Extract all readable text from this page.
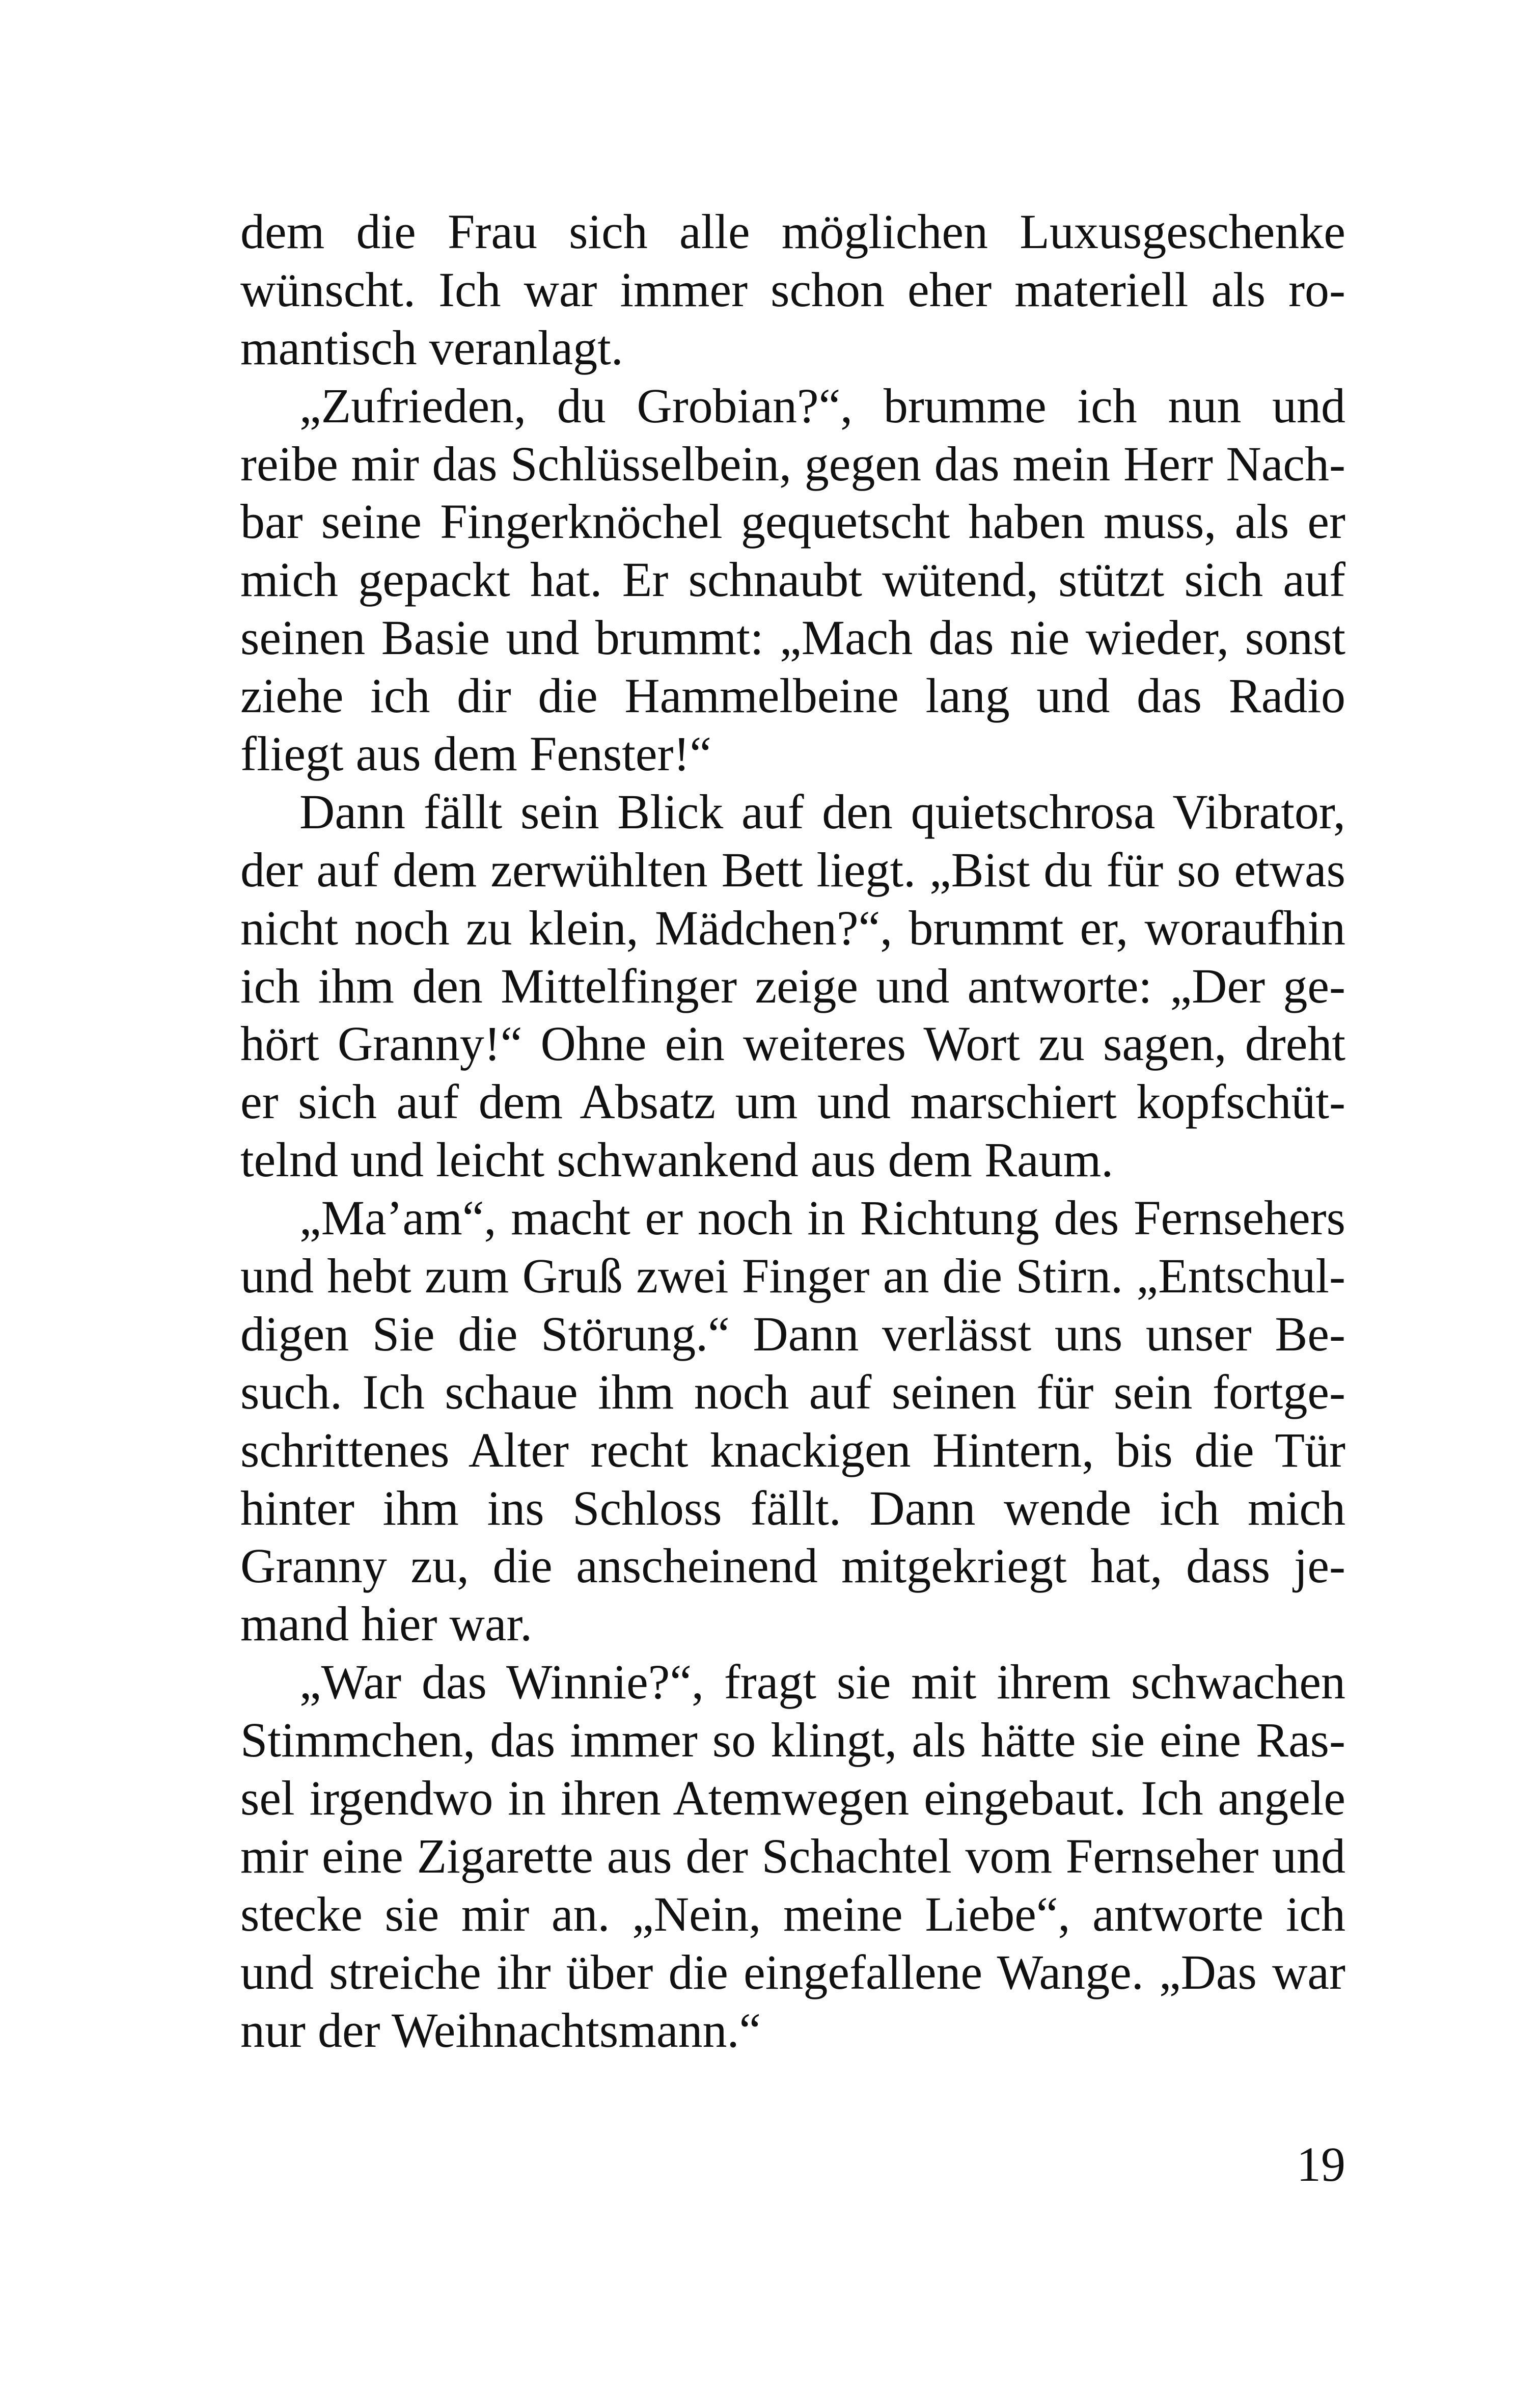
dem die Frau sich alle möglichen Luxusgeschenke
wünscht. Ich war immer schon eher materiell als ro-
mantisch veranlagt.

„Zufrieden, du Grobian?“, brumme ich nun und
reibe mir das Schlüsselbein, gegen das mein Herr Nach-
bar seine Fingerknöchel gequetscht haben muss, als er
mich gepackt hat. Er schnaubt wütend, stützt sich auf
seinen Basie und brummt: „Mach das nie wieder, sonst
ziehe ich dir die Hammelbeine lang und das Radio
fliegt aus dem Fenster!“

Dann fällt sein Blick auf den quietschrosa Vibrator,
der auf dem zerwühlten Bett liegt. „Bist du für so etwas
nicht noch zu klein, Mädchen?“, brummt er, woraufhin
ich ihm den Mittelfinger zeige und antworte: „Der ge-
hört Granny!“ Ohne ein weiteres Wort zu sagen, dreht
er sich auf dem Absatz um und marschiert kopfschüt-
telnd und leicht schwankend aus dem Raum.

„Ma’am“, macht er noch in Richtung des Fernsehers
und hebt zum Gruß zwei Finger an die Stirn. „Entschul-
digen Sie die Störung.“ Dann verlässt uns unser Be-
such. Ich schaue ihm noch auf seinen für sein fortge-
schrittenes Alter recht knackigen Hintern, bis die Tür
hinter ihm ins Schloss fällt. Dann wende ich mich
Granny zu, die anscheinend mitgekriegt hat, dass je-
mand hier war.

„War das Winnie?“, fragt sie mit ihrem schwachen
Stimmchen, das immer so klingt, als hätte sie eine Ras-
sel irgendwo in ihren Atemwegen eingebaut. Ich angele
mir eine Zigarette aus der Schachtel vom Fernseher und
stecke sie mir an. „Nein, meine Liebe“, antworte ich
und streiche ihr über die eingefallene Wange. „Das war
nur der Weihnachtsmann.“

19
